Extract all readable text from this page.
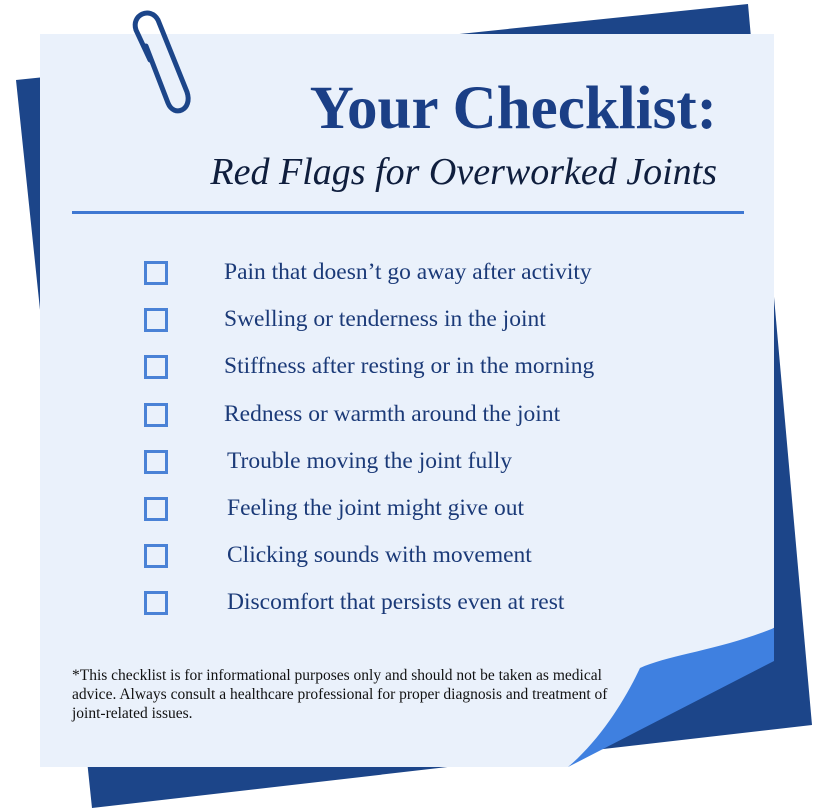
Your Checklist:
Red Flags for Overworked Joints
Pain that doesn’t go away after activity
Swelling or tenderness in the joint
Stiffness after resting or in the morning
Redness or warmth around the joint
Trouble moving the joint fully
Feeling the joint might give out
Clicking sounds with movement
Discomfort that persists even at rest
*This checklist is for informational purposes only and should not be taken as medical advice. Always consult a healthcare professional for proper diagnosis and treatment of joint-related issues.
